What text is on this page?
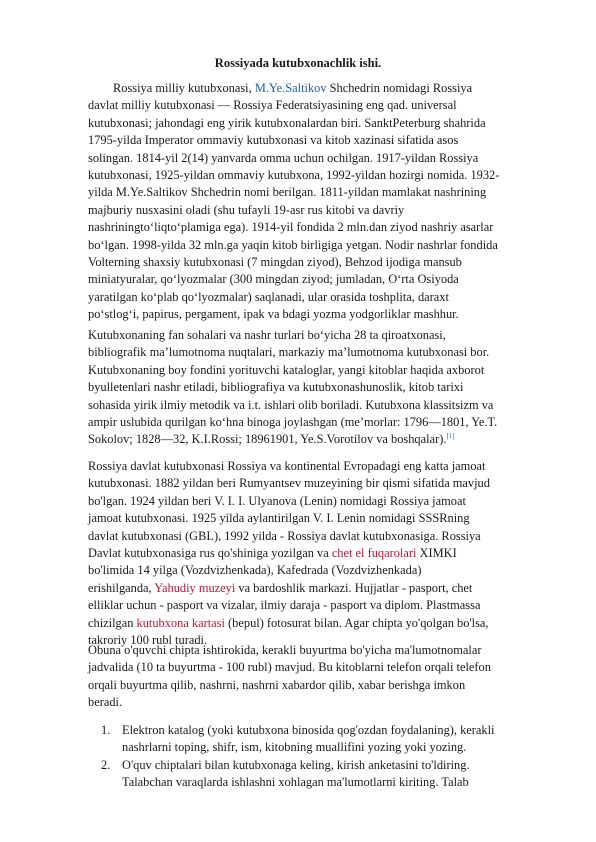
Rossiyada kutubxonachlik ishi.
Rossiya milliy kutubxonasi, M.Ye.Saltikov Shchedrin nomidagi Rossiya
davlat milliy kutubxonasi — Rossiya Federatsiyasining eng qad. universal
kutubxonasi; jahondagi eng yirik kutubxonalardan biri. SanktPeterburg shahrida
1795-yilda Imperator ommaviy kutubxonasi va kitob xazinasi sifatida asos
solingan. 1814-yil 2(14) yanvarda omma uchun ochilgan. 1917-yildan Rossiya
kutubxonasi, 1925-yildan ommaviy kutubxona, 1992-yildan hozirgi nomida. 1932-
yilda M.Ye.Saltikov Shchedrin nomi berilgan. 1811-yildan mamlakat nashrining
majburiy nusxasini oladi (shu tufayli 19-asr rus kitobi va davriy
nashriningto‘liqto‘plamiga ega). 1914-yil fondida 2 mln.dan ziyod nashriy asarlar
bo‘lgan. 1998-yilda 32 mln.ga yaqin kitob birligiga yetgan. Nodir nashrlar fondida
Volterning shaxsiy kutubxonasi (7 mingdan ziyod), Behzod ijodiga mansub
miniatyuralar, qo‘lyozmalar (300 mingdan ziyod; jumladan, O‘rta Osiyoda
yaratilgan ko‘plab qo‘lyozmalar) saqlanadi, ular orasida toshplita, daraxt
po‘stlog‘i, papirus, pergament, ipak va bdagi yozma yodgorliklar mashhur.
Kutubxonaning fan sohalari va nashr turlari bo‘yicha 28 ta qiroatxonasi,
bibliografik ma’lumotnoma nuqtalari, markaziy ma’lumotnoma kutubxonasi bor.
Kutubxonaning boy fondini yorituvchi kataloglar, yangi kitoblar haqida axborot
byulletenlari nashr etiladi, bibliografiya va kutubxonashunoslik, kitob tarixi
sohasida yirik ilmiy metodik va i.t. ishlari olib boriladi. Kutubxona klassitsizm va
ampir uslubida qurilgan ko‘hna binoga joylashgan (me’morlar: 1796—1801, Ye.T.
Sokolov; 1828—32, K.I.Rossi; 18961901, Ye.S.Vorotilov va boshqalar).[1]
Rossiya davlat kutubxonasi Rossiya va kontinental Evropadagi eng katta jamoat
kutubxonasi. 1882 yildan beri Rumyantsev muzeyining bir qismi sifatida mavjud
bo'lgan. 1924 yildan beri V. I. I. Ulyanova (Lenin) nomidagi Rossiya jamoat
jamoat kutubxonasi. 1925 yilda aylantirilgan V. I. Lenin nomidagi SSSRning
davlat kutubxonasi (GBL), 1992 yilda - Rossiya davlat kutubxonasiga. Rossiya
Davlat kutubxonasiga rus qo'shiniga yozilgan va chet el fuqarolari XIMKI
bo'limida 14 yilga (Vozdvizhenkada), Kafedrada (Vozdvizhenkada)
erishilganda, Yahudiy muzeyi va bardoshlik markazi. Hujjatlar - pasport, chet
elliklar uchun - pasport va vizalar, ilmiy daraja - pasport va diplom. Plastmassa
chizilgan kutubxona kartasi (bepul) fotosurat bilan. Agar chipta yo'qolgan bo'lsa,
takroriy 100 rubl turadi.
Obuna o'quvchi chipta ishtirokida, kerakli buyurtma bo'yicha ma'lumotnomalar
jadvalida (10 ta buyurtma - 100 rubl) mavjud. Bu kitoblarni telefon orqali telefon
orqali buyurtma qilib, nashrni, nashrni xabardor qilib, xabar berishga imkon
beradi.
1. Elektron katalog (yoki kutubxona binosida qog'ozdan foydalaning), kerakli
nashrlarni toping, shifr, ism, kitobning muallifini yozing yoki yozing.
2. O'quv chiptalari bilan kutubxonaga keling, kirish anketasini to'ldiring.
Talabchan varaqlarda ishlashni xohlagan ma'lumotlarni kiriting. Talab
